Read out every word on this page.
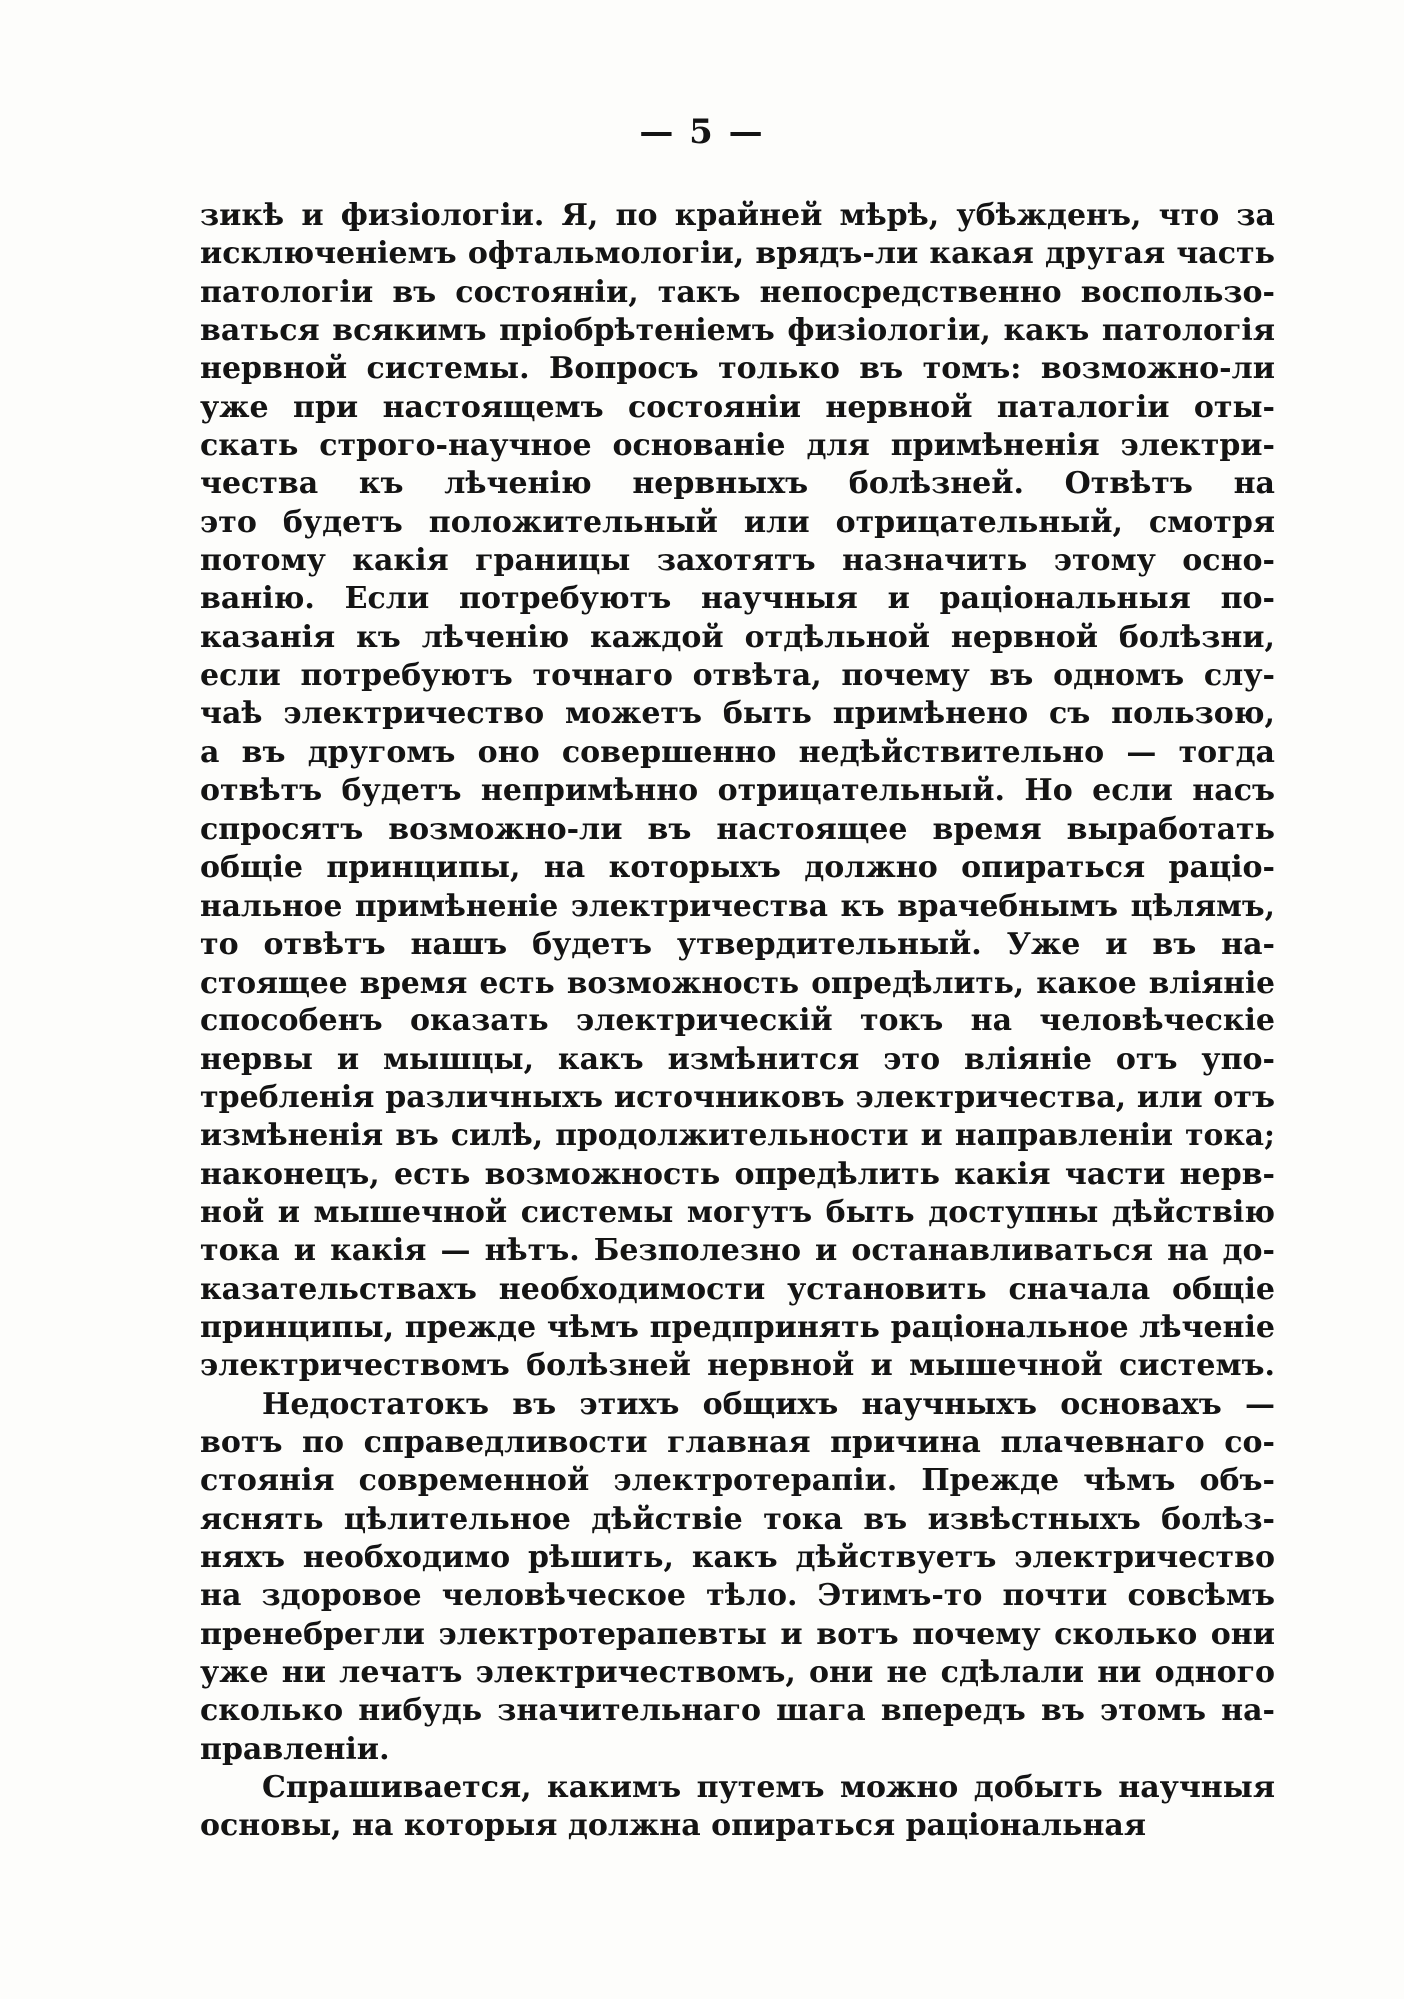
— 5 —
зикѣ и физiологiи. Я, по крайней мѣрѣ, убѣжденъ, что за
исключенiемъ офтальмологiи, врядъ-ли какая другая часть
патологiи въ состоянiи, такъ непосредственно воспользо-
ваться всякимъ прiобрѣтенiемъ физiологiи, какъ патологiя
нервной системы. Вопросъ только въ томъ: возможно-ли
уже при настоящемъ состоянiи нервной паталогiи оты-
скать строго-научное основанiе для примѣненiя электри-
чества къ лѣченiю нервныхъ болѣзней. Отвѣтъ на
это будетъ положительный или отрицательный, смотря
потому какiя границы захотятъ назначить этому осно-
ванiю. Если потребуютъ научныя и рацiональныя по-
казанiя къ лѣченiю каждой отдѣльной нервной болѣзни,
если потребуютъ точнаго отвѣта, почему въ одномъ слу-
чаѣ электричество можетъ быть примѣнено съ пользою,
а въ другомъ оно совершенно недѣйствительно — тогда
отвѣтъ будетъ непримѣнно отрицательный. Но если насъ
спросятъ возможно-ли въ настоящее время выработать
общiе принципы, на которыхъ должно опираться рацiо-
нальное примѣненiе электричества къ врачебнымъ цѣлямъ,
то отвѣтъ нашъ будетъ утвердительный. Уже и въ на-
стоящее время есть возможность опредѣлить, какое влiянiе
способенъ оказать электрическiй токъ на человѣческiе
нервы и мышцы, какъ измѣнится это влiянiе отъ упо-
требленiя различныхъ источниковъ электричества, или отъ
измѣненiя въ силѣ, продолжительности и направленiи тока;
наконецъ, есть возможность опредѣлить какiя части нерв-
ной и мышечной системы могутъ быть доступны дѣйствiю
тока и какiя — нѣтъ. Безполезно и останавливаться на до-
казательствахъ необходимости установить сначала общiе
принципы, прежде чѣмъ предпринять рацiональное лѣченiе
электричествомъ болѣзней нервной и мышечной системъ.
Недостатокъ въ этихъ общихъ научныхъ основахъ —
вотъ по справедливости главная причина плачевнаго со-
стоянiя современной электротерапiи. Прежде чѣмъ объ-
яснять цѣлительное дѣйствiе тока въ извѣстныхъ болѣз-
няхъ необходимо рѣшить, какъ дѣйствуетъ электричество
на здоровое человѣческое тѣло. Этимъ-то почти совсѣмъ
пренебрегли электротерапевты и вотъ почему сколько они
уже ни лечатъ электричествомъ, они не сдѣлали ни одного
сколько нибудь значительнаго шага впередъ въ этомъ на-
правленiи.
Спрашивается, какимъ путемъ можно добыть научныя
основы, на которыя должна опираться рацiональная
